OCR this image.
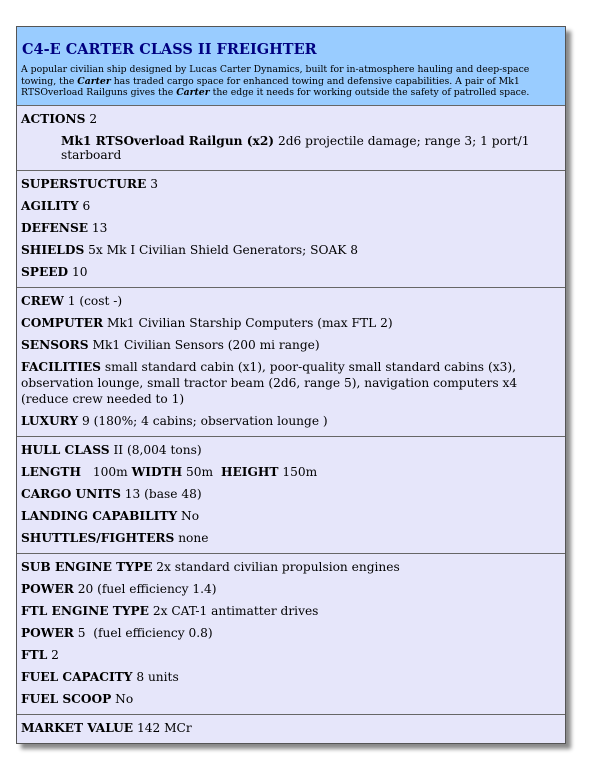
C4-E CARTER CLASS II FREIGHTER

A popular civilian ship designed by Lucas Carter Dynamics, built for in-atmosphere hauling and deep-space towing, the Carter has traded cargo space for enhanced towing and defensive capabilities. A pair of Mk1 RTSOverload Railguns gives the Carter the edge it needs for working outside the safety of patrolled space.

ACTIONS 2
Mk1 RTSOverload Railgun (x2) 2d6 projectile damage; range 3; 1 port/1 starboard
SUPERSTUCTURE 3
AGILITY 6
DEFENSE 13
SHIELDS 5x Mk I Civilian Shield Generators; SOAK 8
SPEED 10
CREW 1 (cost -)
COMPUTER Mk1 Civilian Starship Computers (max FTL 2)
SENSORS Mk1 Civilian Sensors (200 mi range)
FACILITIES small standard cabin (x1), poor-quality small standard cabins (x3), observation lounge, small tractor beam (2d6, range 5), navigation computers x4 (reduce crew needed to 1)
LUXURY 9 (180%; 4 cabins; observation lounge )
HULL CLASS II (8,004 tons)
LENGTH 100m WIDTH 50m HEIGHT 150m
CARGO UNITS 13 (base 48)
LANDING CAPABILITY No
SHUTTLES/FIGHTERS none
SUB ENGINE TYPE 2x standard civilian propulsion engines
POWER 20 (fuel efficiency 1.4)
FTL ENGINE TYPE 2x CAT-1 antimatter drives
POWER 5  (fuel efficiency 0.8)
FTL 2
FUEL CAPACITY 8 units
FUEL SCOOP No
MARKET VALUE 142 MCr
